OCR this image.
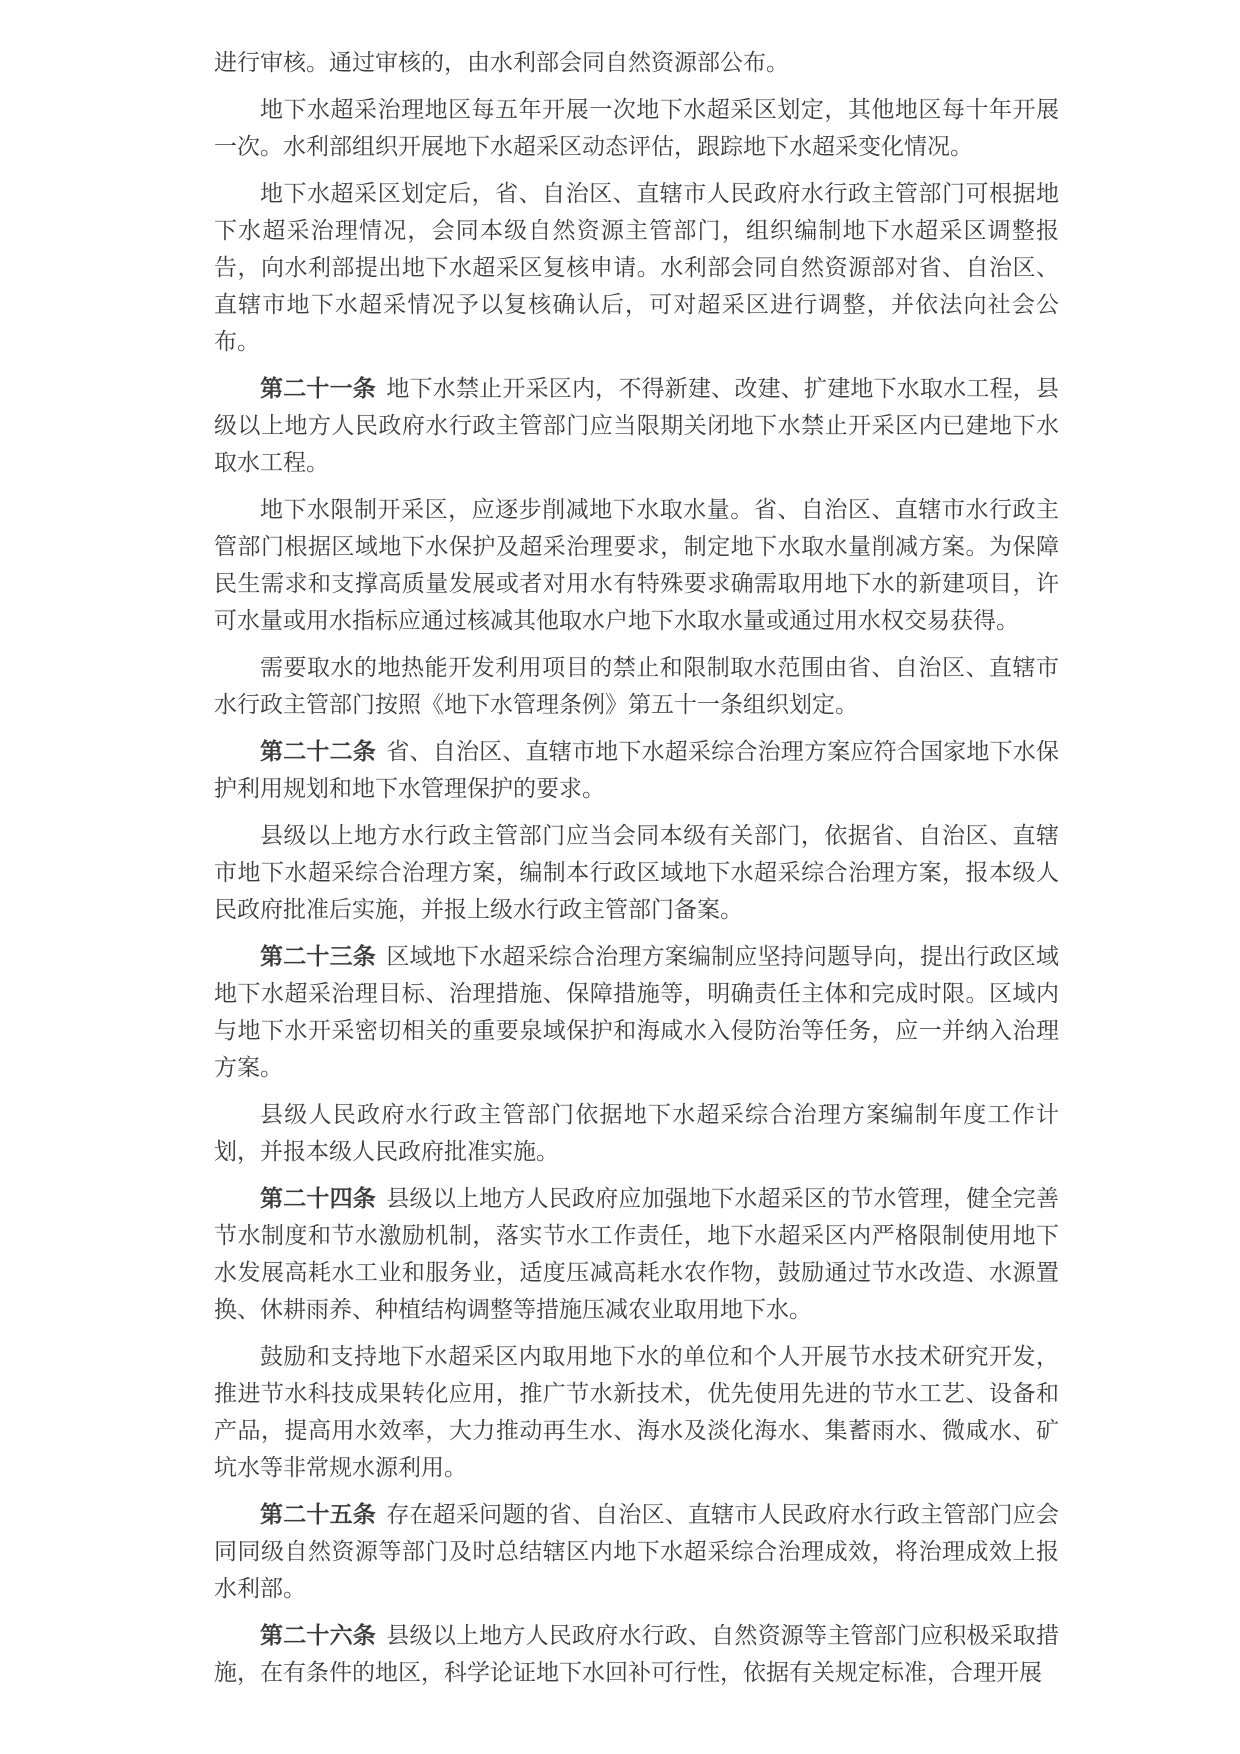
进行审核。通过审核的，由水利部会同自然资源部公布。

地下水超采治理地区每五年开展一次地下水超采区划定，其他地区每十年开展一次。水利部组织开展地下水超采区动态评估，跟踪地下水超采变化情况。

地下水超采区划定后，省、自治区、直辖市人民政府水行政主管部门可根据地下水超采治理情况，会同本级自然资源主管部门，组织编制地下水超采区调整报告，向水利部提出地下水超采区复核申请。水利部会同自然资源部对省、自治区、直辖市地下水超采情况予以复核确认后，可对超采区进行调整，并依法向社会公布。

第二十一条 地下水禁止开采区内，不得新建、改建、扩建地下水取水工程，县级以上地方人民政府水行政主管部门应当限期关闭地下水禁止开采区内已建地下水取水工程。

地下水限制开采区，应逐步削减地下水取水量。省、自治区、直辖市水行政主管部门根据区域地下水保护及超采治理要求，制定地下水取水量削减方案。为保障民生需求和支撑高质量发展或者对用水有特殊要求确需取用地下水的新建项目，许可水量或用水指标应通过核减其他取水户地下水取水量或通过用水权交易获得。

需要取水的地热能开发利用项目的禁止和限制取水范围由省、自治区、直辖市水行政主管部门按照《地下水管理条例》第五十一条组织划定。

第二十二条 省、自治区、直辖市地下水超采综合治理方案应符合国家地下水保护利用规划和地下水管理保护的要求。

县级以上地方水行政主管部门应当会同本级有关部门，依据省、自治区、直辖市地下水超采综合治理方案，编制本行政区域地下水超采综合治理方案，报本级人民政府批准后实施，并报上级水行政主管部门备案。

第二十三条 区域地下水超采综合治理方案编制应坚持问题导向，提出行政区域地下水超采治理目标、治理措施、保障措施等，明确责任主体和完成时限。区域内与地下水开采密切相关的重要泉域保护和海咸水入侵防治等任务，应一并纳入治理方案。

县级人民政府水行政主管部门依据地下水超采综合治理方案编制年度工作计划，并报本级人民政府批准实施。

第二十四条 县级以上地方人民政府应加强地下水超采区的节水管理，健全完善节水制度和节水激励机制，落实节水工作责任，地下水超采区内严格限制使用地下水发展高耗水工业和服务业，适度压减高耗水农作物，鼓励通过节水改造、水源置换、休耕雨养、种植结构调整等措施压减农业取用地下水。

鼓励和支持地下水超采区内取用地下水的单位和个人开展节水技术研究开发，推进节水科技成果转化应用，推广节水新技术，优先使用先进的节水工艺、设备和产品，提高用水效率，大力推动再生水、海水及淡化海水、集蓄雨水、微咸水、矿坑水等非常规水源利用。

第二十五条 存在超采问题的省、自治区、直辖市人民政府水行政主管部门应会同同级自然资源等部门及时总结辖区内地下水超采综合治理成效，将治理成效上报水利部。

第二十六条 县级以上地方人民政府水行政、自然资源等主管部门应积极采取措施，在有条件的地区，科学论证地下水回补可行性，依据有关规定标准，合理开展
